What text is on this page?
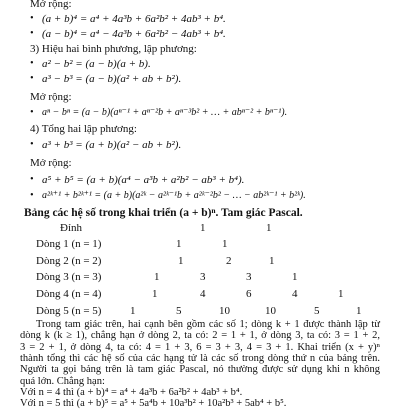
Mở rộng:
• (a + b)⁴ = a⁴ + 4a³b + 6a²b² + 4ab³ + b⁴.
• (a − b)⁴ = a⁴ − 4a³b + 6a²b² − 4ab³ + b⁴.
3) Hiệu hai bình phương, lập phương:
• a² − b² = (a − b)(a + b).
• a³ − b³ = (a − b)(a² + ab + b²).
Mở rộng:
• aⁿ − bⁿ = (a − b)(aⁿ⁻¹ + aⁿ⁻²b + aⁿ⁻³b² + … + abⁿ⁻² + bⁿ⁻¹).
4) Tổng hai lập phương:
• a³ + b³ = (a + b)(a² − ab + b²).
Mở rộng:
• a⁵ + b⁵ = (a + b)(a⁴ − a³b + a²b² − ab³ + b⁴).
• a²ᵏ⁺¹ + b²ᵏ⁺¹ = (a + b)(a²ᵏ − a²ᵏ⁻¹b + a²ᵏ⁻²b² − … − ab²ᵏ⁻¹ + b²ᵏ).
Bảng các hệ số trong khai triển (a + b)ⁿ. Tam giác Pascal.
Đỉnh	1	1
Dòng 1 (n = 1)	1	1
Dòng 2 (n = 2)	1	2	1
Dòng 3 (n = 3)	1	3	3	1
Dòng 4 (n = 4)	1	4	6	4	1
Dòng 5 (n = 5)	1	5	10	10	5	1
Trong tam giác trên, hai cạnh bên gồm các số 1; dòng k + 1 được thành lập từ
dòng k (k ≥ 1), chẳng hạn ở dòng 2, ta có: 2 = 1 + 1, ở dòng 3, ta có: 3 = 1 + 2,
3 = 2 + 1, ở dòng 4, ta có: 4 = 1 + 3, 6 = 3 + 3, 4 = 3 + 1. Khai triển (x + y)ⁿ
thành tổng thì các hệ số của các hạng tử là các số trong dòng thứ n của bảng trên.
Người ta gọi bảng trên là tam giác Pascal, nó thường được sử dụng khi n không
quá lớn. Chẳng hạn:
Với n = 4 thì (a + b)⁴ = a⁴ + 4a³b + 6a²b² + 4ab³ + b⁴.
Với n = 5 thì (a + b)⁵ = a⁵ + 5a⁴b + 10a³b² + 10a²b³ + 5ab⁴ + b⁵.
